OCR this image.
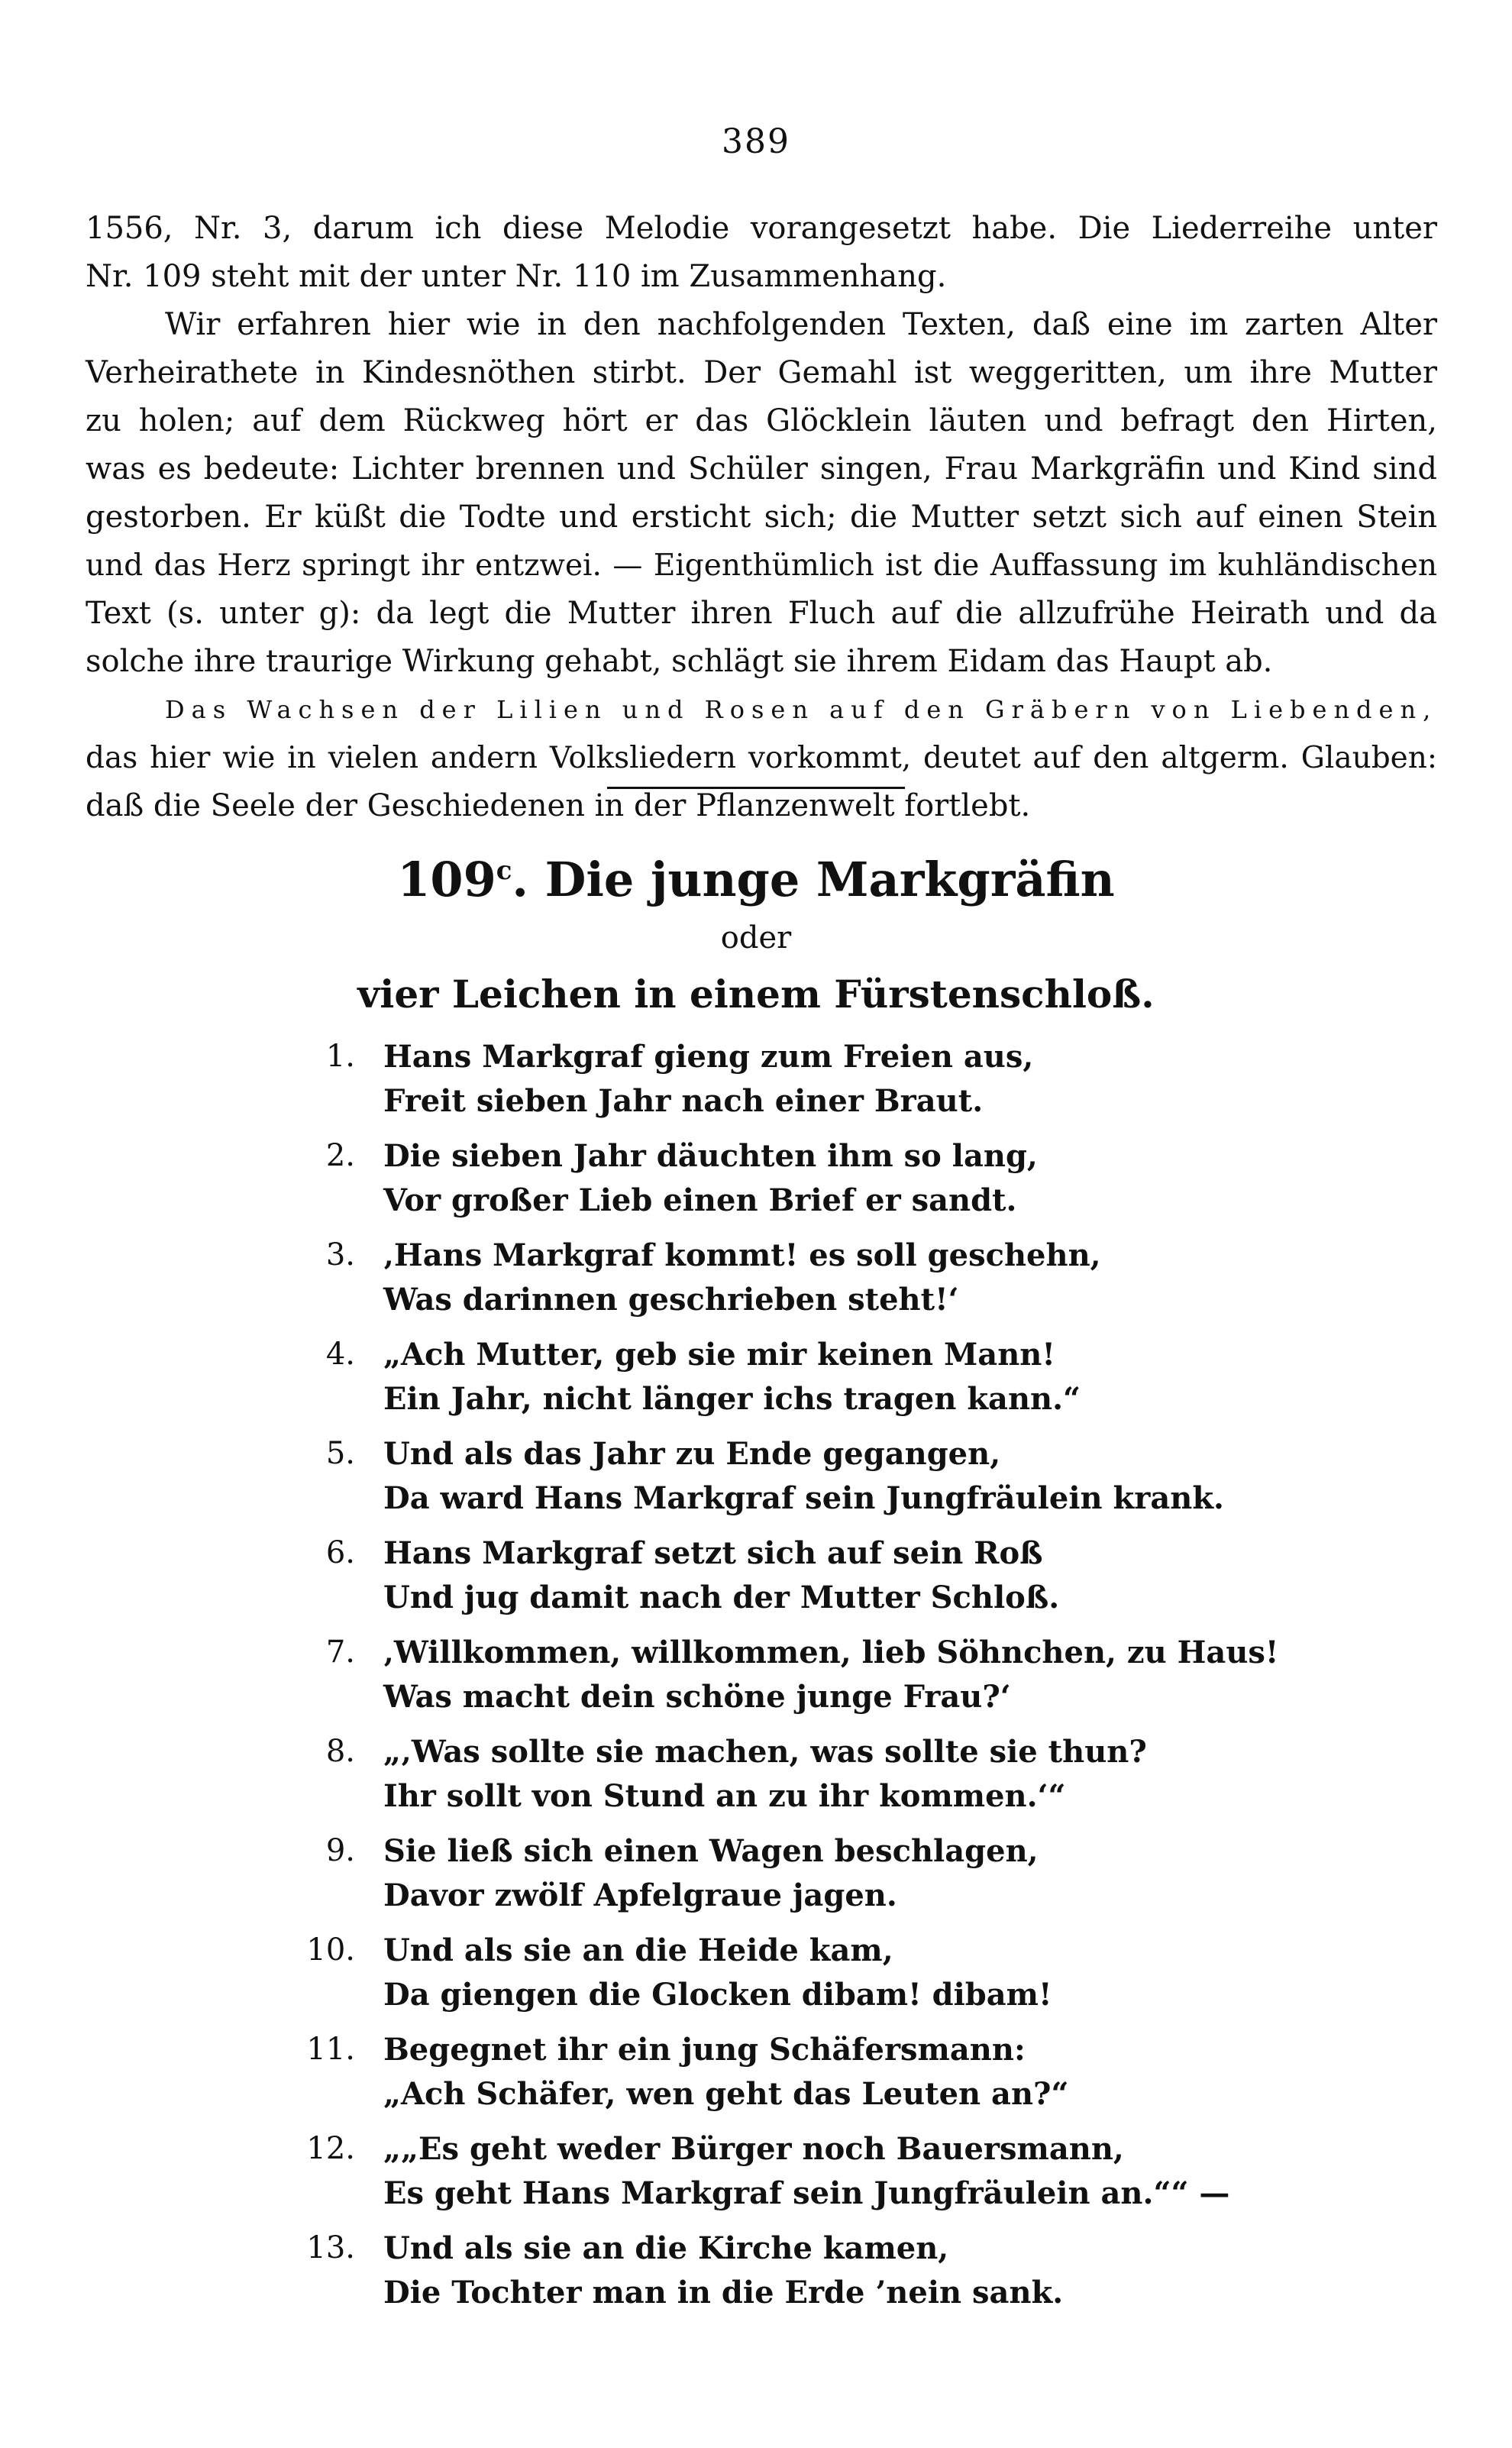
389
1556, Nr. 3, darum ich diese Melodie vorangesetzt habe. Die Liederreihe unter
Nr. 109 steht mit der unter Nr. 110 im Zusammenhang.
Wir erfahren hier wie in den nachfolgenden Texten, daß eine im zarten Alter
Verheirathete in Kindesnöthen stirbt. Der Gemahl ist weggeritten, um ihre Mutter
zu holen; auf dem Rückweg hört er das Glöcklein läuten und befragt den Hirten,
was es bedeute: Lichter brennen und Schüler singen, Frau Markgräfin und Kind sind
gestorben. Er küßt die Todte und ersticht sich; die Mutter setzt sich auf einen Stein
und das Herz springt ihr entzwei. — Eigenthümlich ist die Auffassung im kuhländischen
Text (s. unter g): da legt die Mutter ihren Fluch auf die allzufrühe Heirath und da
solche ihre traurige Wirkung gehabt, schlägt sie ihrem Eidam das Haupt ab.
Das Wachsen der Lilien und Rosen auf den Gräbern von Liebenden,
das hier wie in vielen andern Volksliedern vorkommt, deutet auf den altgerm. Glauben:
daß die Seele der Geschiedenen in der Pflanzenwelt fortlebt.
109$^c$. Die junge Markgräfin
oder
vier Leichen in einem Fürstenschloß.
1. Hans Markgraf gieng zum Freien aus,
Freit sieben Jahr nach einer Braut.
2. Die sieben Jahr däuchten ihm so lang,
Vor großer Lieb einen Brief er sandt.
3. ‚Hans Markgraf kommt! es soll geschehn,
Was darinnen geschrieben steht!‘
4. „Ach Mutter, geb sie mir keinen Mann!
Ein Jahr, nicht länger ichs tragen kann.“
5. Und als das Jahr zu Ende gegangen,
Da ward Hans Markgraf sein Jungfräulein krank.
6. Hans Markgraf setzt sich auf sein Roß
Und jug damit nach der Mutter Schloß.
7. ‚Willkommen, willkommen, lieb Söhnchen, zu Haus!
Was macht dein schöne junge Frau?‘
8. „‚Was sollte sie machen, was sollte sie thun?
Ihr sollt von Stund an zu ihr kommen.‘“
9. Sie ließ sich einen Wagen beschlagen,
Davor zwölf Apfelgraue jagen.
10. Und als sie an die Heide kam,
Da giengen die Glocken dibam! dibam!
11. Begegnet ihr ein jung Schäfersmann:
„Ach Schäfer, wen geht das Leuten an?“
12. „„Es geht weder Bürger noch Bauersmann,
Es geht Hans Markgraf sein Jungfräulein an.““ —
13. Und als sie an die Kirche kamen,
Die Tochter man in die Erde ’nein sank.
